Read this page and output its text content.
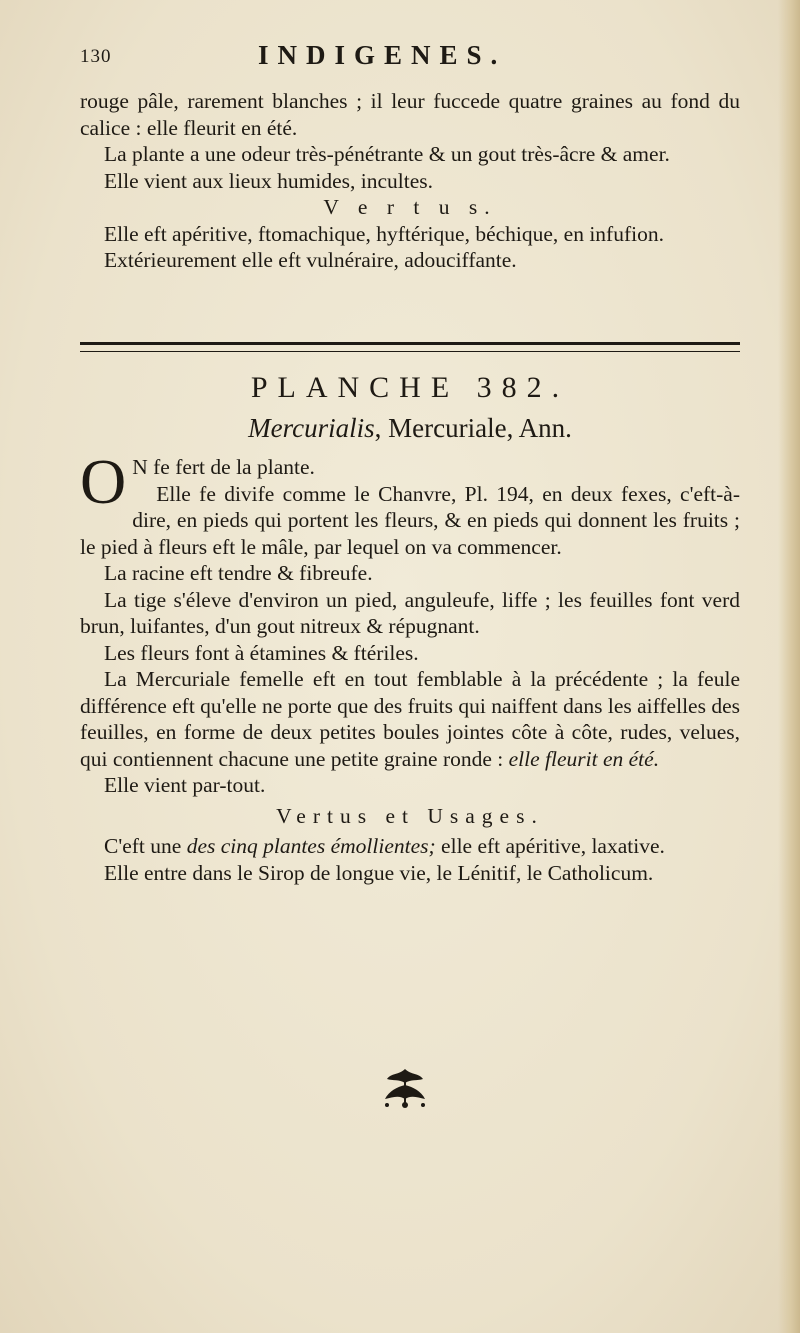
130	INDIGENES.

rouge pâle, rarement blanches ; il leur fuccede quatre graines au fond du calice : elle fleurit en été.

La plante a une odeur très-pénétrante & un gout très-âcre & amer.

Elle vient aux lieux humides, incultes.

V e r t u s.

Elle eft apéritive, ftomachique, hyftérique, béchique, en infufion.

Extérieurement elle eft vulnéraire, adouciffante.

PLANCHE 382.
Mercurialis, Mercuriale, Ann.

O N fe fert de la plante.

Elle fe divife comme le Chanvre, Pl. 194, en deux fexes, c'eft-à-dire, en pieds qui portent les fleurs, & en pieds qui donnent les fruits ; le pied à fleurs eft le mâle, par lequel on va commencer.

La racine eft tendre & fibreufe.

La tige s'éleve d'environ un pied, anguleufe, liffe ; les feuilles font verd brun, luifantes, d'un gout nitreux & répugnant.

Les fleurs font à étamines & ftériles.

La Mercuriale femelle eft en tout femblable à la précédente ; la feule différence eft qu'elle ne porte que des fruits qui naiffent dans les aiffelles des feuilles, en forme de deux petites boules jointes côte à côte, rudes, velues, qui contiennent chacune une petite graine ronde : elle fleurit en été.

Elle vient par-tout.

Vertus et Usages.

C'eft une des cinq plantes émollientes; elle eft apéritive, laxative.

Elle entre dans le Sirop de longue vie, le Lénitif, le Catholicum.
